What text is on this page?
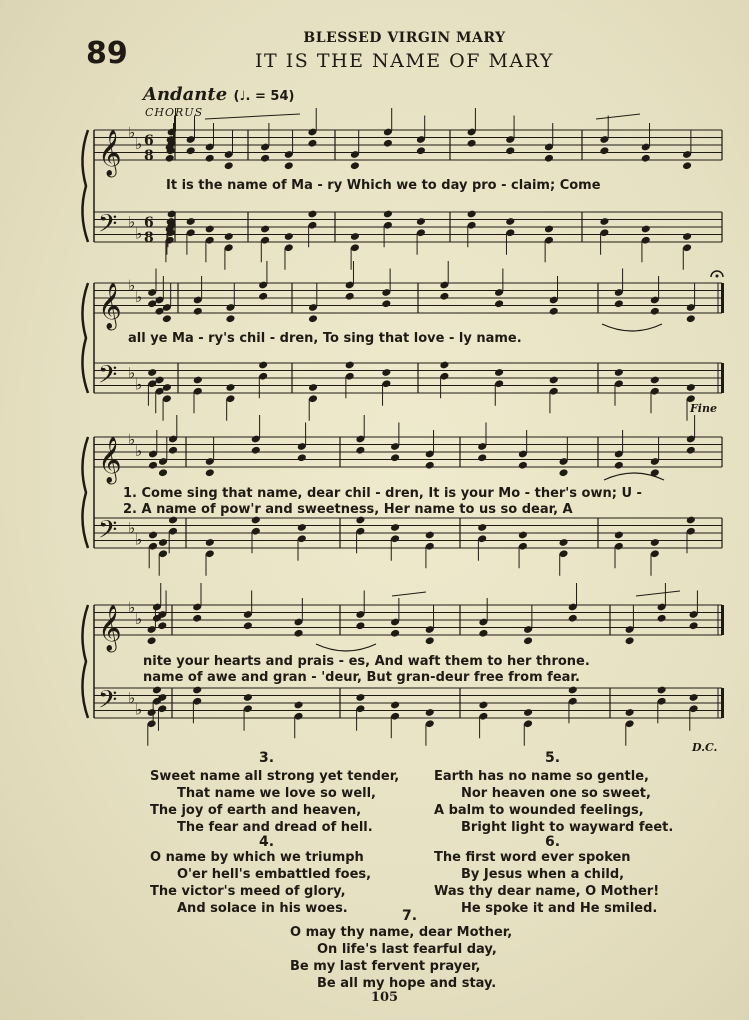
89	BLESSED VIRGIN MARY
IT IS THE NAME OF MARY
Andante (♩. = 54)
CHORUS
𝄞 ♭
♭ 6
8
𝄢 ♭
♭
6
8
𝄞 ♭
♭
𝄢 ♭
♭
𝄞 ♭
♭
𝄢 ♭
♭
𝄞 ♭
♭
𝄢 ♭
♭
It is the name of Ma - ry Which we to day pro - claim; Come
all ye Ma - ry's chil - dren, To sing that love - ly name.
1. Come sing that name, dear chil - dren, It is your Mo - ther's own; U -
2. A name of pow'r and sweetness, Her name to us so dear, A
nite your hearts and prais - es, And waft them to her throne.
name of awe and gran - 'deur, But gran-deur free from fear.
Fine
D.C.
3.
Sweet name all strong yet tender,
That name we love so well,
The joy of earth and heaven,
The fear and dread of hell.
4.
O name by which we triumph
O'er hell's embattled foes,
The victor's meed of glory,
And solace in his woes.
5.
Earth has no name so gentle,
Nor heaven one so sweet,
A balm to wounded feelings,
Bright light to wayward feet.
6.
The first word ever spoken
By Jesus when a child,
Was thy dear name, O Mother!
He spoke it and He smiled.
7.
O may thy name, dear Mother,
On life's last fearful day,
Be my last fervent prayer,
Be all my hope and stay.
105
